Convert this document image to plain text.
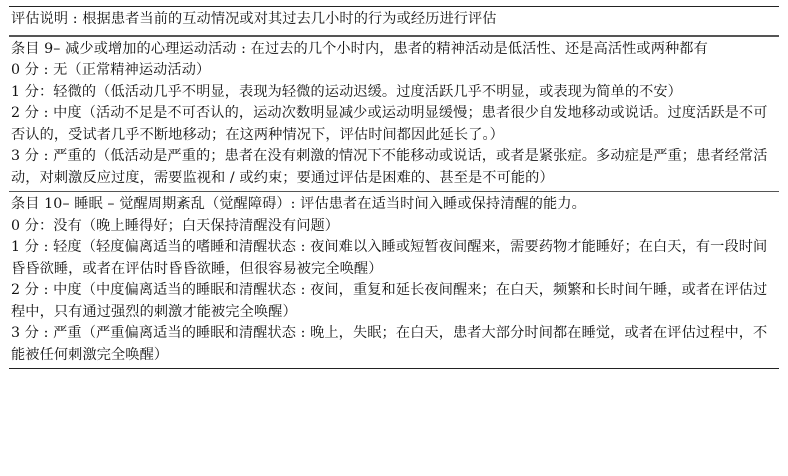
评估说明 : 根据患者当前的互动情况或对其过去几小时的行为或经历进行评估
条目 9– 减少或增加的心理运动活动 : 在过去的几个小时内，患者的精神活动是低活性、还是高活性或两种都有
0 分 : 无（正常精神运动活动）
1 分：轻微的（低活动几乎不明显，表现为轻微的运动迟缓。过度活跃几乎不明显，或表现为简单的不安）
2 分 : 中度（活动不足是不可否认的，运动次数明显减少或运动明显缓慢；患者很少自发地移动或说话。过度活跃是不可否认的，受试者几乎不断地移动；在这两种情况下，评估时间都因此延长了。）
3 分 : 严重的（低活动是严重的；患者在没有刺激的情况下不能移动或说话，或者是紧张症。多动症是严重；患者经常活动，对刺激反应过度，需要监视和 / 或约束；要通过评估是困难的、甚至是不可能的）
条目 10– 睡眠 – 觉醒周期紊乱（觉醒障碍）: 评估患者在适当时间入睡或保持清醒的能力。
0 分：没有（晚上睡得好；白天保持清醒没有问题）
1 分 : 轻度（轻度偏离适当的嗜睡和清醒状态 : 夜间难以入睡或短暂夜间醒来，需要药物才能睡好；在白天，有一段时间昏昏欲睡，或者在评估时昏昏欲睡，但很容易被完全唤醒）
2 分 : 中度（中度偏离适当的睡眠和清醒状态 : 夜间，重复和延长夜间醒来；在白天，频繁和长时间午睡，或者在评估过程中，只有通过强烈的刺激才能被完全唤醒）
3 分 : 严重（严重偏离适当的睡眠和清醒状态 : 晚上，失眠；在白天，患者大部分时间都在睡觉，或者在评估过程中，不能被任何刺激完全唤醒）
